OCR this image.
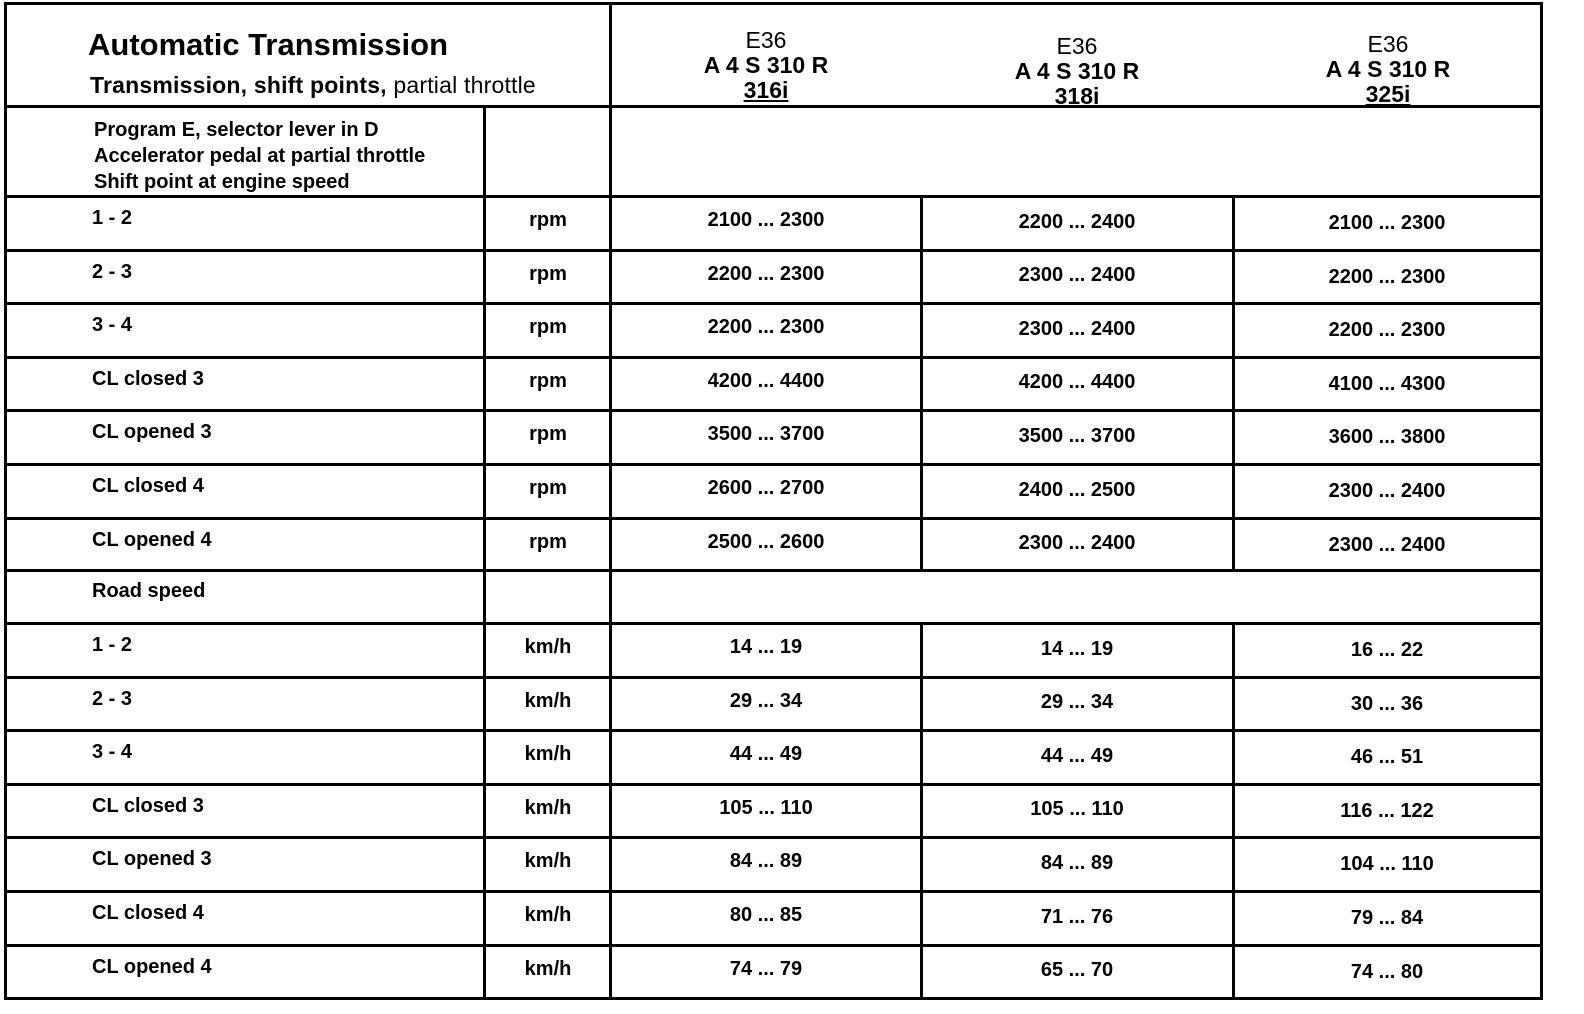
Automatic Transmission
Transmission, shift points, partial throttle
E36
A 4 S 310 R
316i
E36
A 4 S 310 R
318i
E36
A 4 S 310 R
325i
Program E, selector lever in D
Accelerator pedal at partial throttle
Shift point at engine speed
Road speed
1 - 2	rpm	2100 ... 2300	2200 ... 2400	2100 ... 2300
2 - 3	rpm	2200 ... 2300	2300 ... 2400	2200 ... 2300
3 - 4	rpm	2200 ... 2300	2300 ... 2400	2200 ... 2300
CL closed 3	rpm	4200 ... 4400	4200 ... 4400	4100 ... 4300
CL opened 3	rpm	3500 ... 3700	3500 ... 3700	3600 ... 3800
CL closed 4	rpm	2600 ... 2700	2400 ... 2500	2300 ... 2400
CL opened 4	rpm	2500 ... 2600	2300 ... 2400	2300 ... 2400
1 - 2	km/h	14 ... 19	14 ... 19	16 ... 22
2 - 3	km/h	29 ... 34	29 ... 34	30 ... 36
3 - 4	km/h	44 ... 49	44 ... 49	46 ... 51
CL closed 3	km/h	105 ... 110	105 ... 110	116 ... 122
CL opened 3	km/h	84 ... 89	84 ... 89	104 ... 110
CL closed 4	km/h	80 ... 85	71 ... 76	79 ... 84
CL opened 4	km/h	74 ... 79	65 ... 70	74 ... 80
